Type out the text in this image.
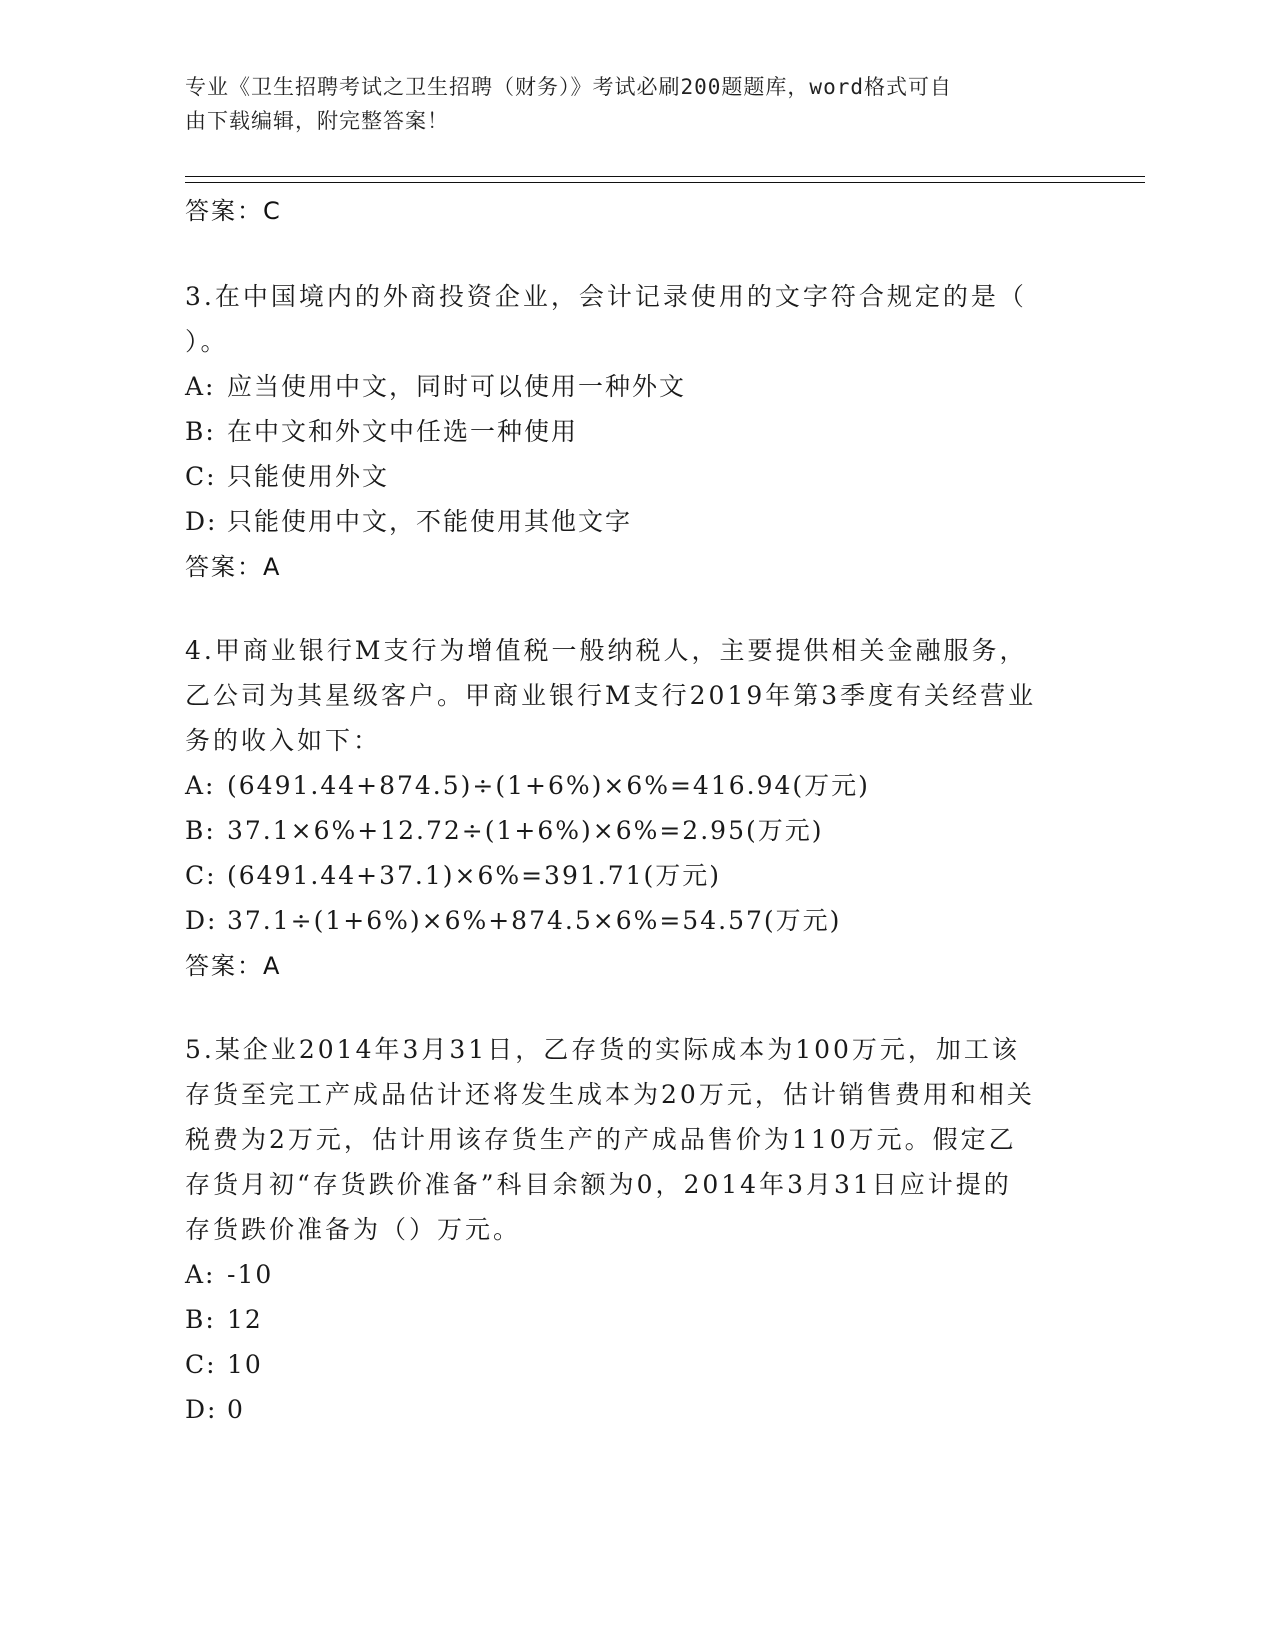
专业《卫生招聘考试之卫生招聘（财务）》考试必刷200题题库，word格式可自
由下载编辑，附完整答案！
答案：C
3.在中国境内的外商投资企业，会计记录使用的文字符合规定的是（
）。
A: 应当使用中文，同时可以使用一种外文
B: 在中文和外文中任选一种使用
C: 只能使用外文
D: 只能使用中文，不能使用其他文字
答案：A
4.甲商业银行M支行为增值税一般纳税人，主要提供相关金融服务，
乙公司为其星级客户。甲商业银行M支行2019年第3季度有关经营业
务的收入如下：
A: (6491.44+874.5)÷(1+6%)×6%=416.94(万元)
B: 37.1×6%+12.72÷(1+6%)×6%=2.95(万元)
C: (6491.44+37.1)×6%=391.71(万元)
D: 37.1÷(1+6%)×6%+874.5×6%=54.57(万元)
答案：A
5.某企业2014年3月31日，乙存货的实际成本为100万元，加工该
存货至完工产成品估计还将发生成本为20万元，估计销售费用和相关
税费为2万元，估计用该存货生产的产成品售价为110万元。假定乙
存货月初“存货跌价准备”科目余额为0，2014年3月31日应计提的
存货跌价准备为（）万元。
A: -10
B: 12
C: 10
D: 0
